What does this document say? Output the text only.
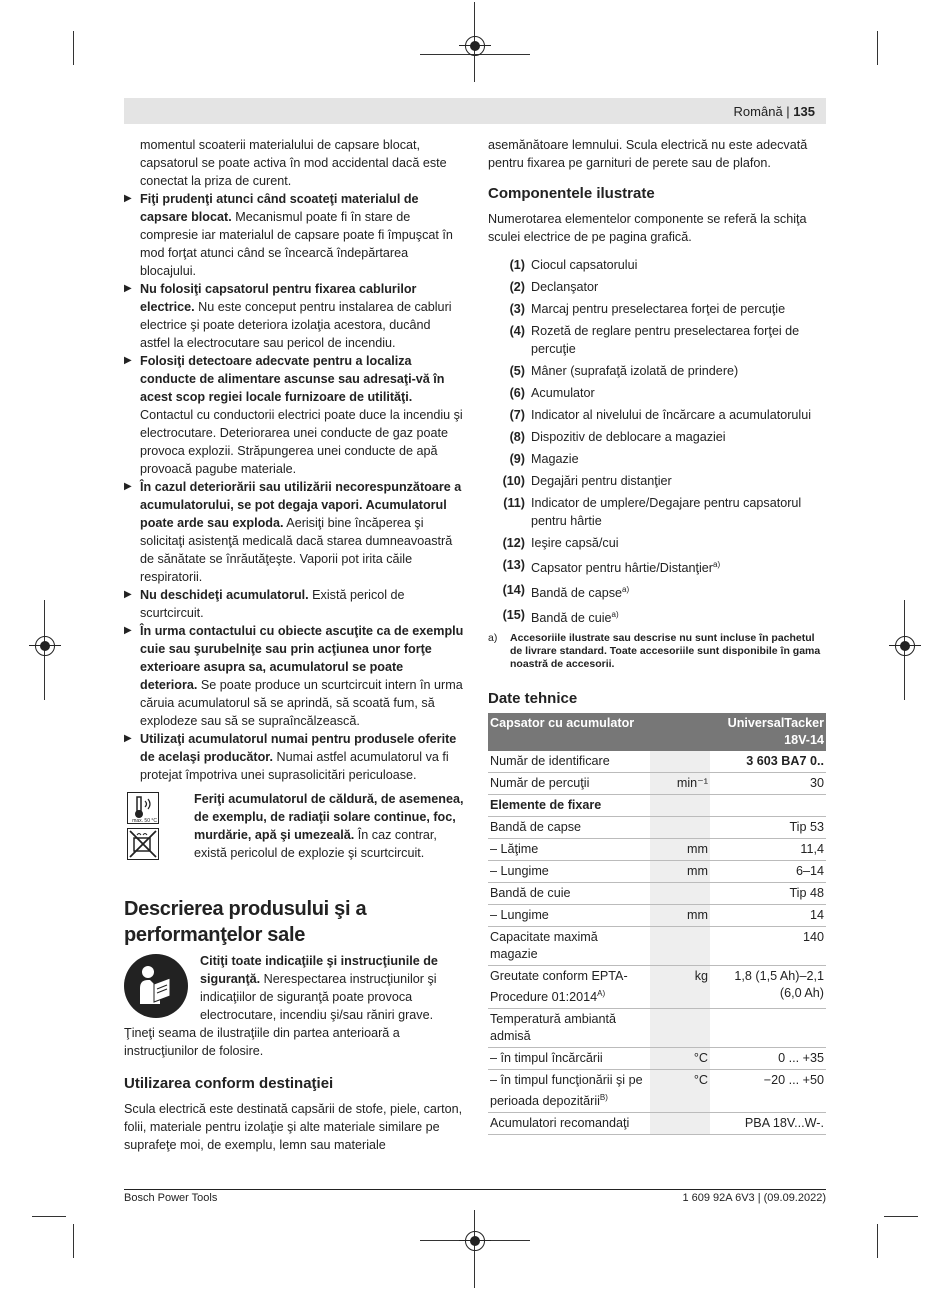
Română | 135

momentul scoaterii materialului de capsare blocat, capsatorul se poate activa în mod accidental dacă este conectat la priza de curent.

▶ Fiţi prudenţi atunci când scoateţi materialul de capsare blocat. Mecanismul poate fi în stare de compresie iar materialul de capsare poate fi împuşcat în mod forţat atunci când se încearcă îndepărtarea blocajului.

▶ Nu folosiţi capsatorul pentru fixarea cablurilor electrice. Nu este conceput pentru instalarea de cabluri electrice şi poate deteriora izolaţia acestora, ducând astfel la electrocutare sau pericol de incendiu.

▶ Folosiţi detectoare adecvate pentru a localiza conducte de alimentare ascunse sau adresaţi-vă în acest scop regiei locale furnizoare de utilităţi. Contactul cu conductorii electrici poate duce la incendiu şi electrocutare. Deteriorarea unei conducte de gaz poate provoca explozii. Străpungerea unei conducte de apă provoacă pagube materiale.

▶ În cazul deteriorării sau utilizării necorespunzătoare a acumulatorului, se pot degaja vapori. Acumulatorul poate arde sau exploda. Aerisiţi bine încăperea şi solicitaţi asistenţă medicală dacă starea dumneavoastră de sănătate se înrăutăţeşte. Vaporii pot irita căile respiratorii.

▶ Nu deschideţi acumulatorul. Există pericol de scurtcircuit.

▶ În urma contactului cu obiecte ascuţite ca de exemplu cuie sau şurubelniţe sau prin acţiunea unor forţe exterioare asupra sa, acumulatorul se poate deteriora. Se poate produce un scurtcircuit intern în urma căruia acumulatorul să se aprindă, să scoată fum, să explodeze sau să se supraîncălzească.

▶ Utilizaţi acumulatorul numai pentru produsele oferite de acelaşi producător. Numai astfel acumulatorul va fi protejat împotriva unei suprasolicitări periculoase.

max. 50 °C

Feriţi acumulatorul de căldură, de asemenea, de exemplu, de radiaţii solare continue, foc, murdărie, apă şi umezeală. În caz contrar, există pericolul de explozie şi scurtcircuit.

Descrierea produsului şi a performanţelor sale

Citiţi toate indicaţiile şi instrucţiunile de siguranţă. Nerespectarea instrucţiunilor şi indicaţiilor de siguranţă poate provoca electrocutare, incendiu şi/sau răniri grave.

Ţineţi seama de ilustraţiile din partea anterioară a instrucţiunilor de folosire.

Utilizarea conform destinaţiei

Scula electrică este destinată capsării de stofe, piele, carton, folii, materiale pentru izolaţie şi alte materiale similare pe suprafeţe moi, de exemplu, lemn sau materiale

asemănătoare lemnului. Scula electrică nu este adecvată pentru fixarea pe garnituri de perete sau de plafon.

Componentele ilustrate

Numerotarea elementelor componente se referă la schiţa sculei electrice de pe pagina grafică.

(1) Ciocul capsatorului
(2) Declanşator
(3) Marcaj pentru preselectarea forţei de percuţie
(4) Rozetă de reglare pentru preselectarea forţei de percuţie
(5) Mâner (suprafaţă izolată de prindere)
(6) Acumulator
(7) Indicator al nivelului de încărcare a acumulatorului
(8) Dispozitiv de deblocare a magaziei
(9) Magazie
(10) Degajări pentru distanţier
(11) Indicator de umplere/Degajare pentru capsatorul pentru hârtie
(12) Ieşire capsă/cui
(13) Capsator pentru hârtie/Distanţier$^{a)}$
(14) Bandă de capse$^{a)}$
(15) Bandă de cuie$^{a)}$
a)	Accesoriile ilustrate sau descrise nu sunt incluse în pachetul de livrare standard. Toate accesoriile sunt disponibile în gama noastră de accesorii.
Date tehnice
Capsator cu acumulator		UniversalTacker
18V-14
Număr de identificare		3 603 BA7 0..
Număr de percuţii	min⁻¹	30
Elemente de fixare		
Bandă de capse		Tip 53
– Lăţime	mm	11,4
– Lungime	mm	6–14
Bandă de cuie		Tip 48
– Lungime	mm	14
Capacitate maximă magazie		140
Greutate conform EPTA-Procedure $01:2014^{A)}$	kg	1,8 (1,5 Ah)–2,1 (6,0 Ah)
Temperatură ambiantă admisă		
– în timpul încărcării	°C	0 ... +35
– în timpul funcţionării şi pe perioada depozitării$^{B)}$	°C	−20 ... +50
Acumulatori recomandaţi		PBA 18V...W-.
Bosch Power Tools	1 609 92A 6V3 | (09.09.2022)
